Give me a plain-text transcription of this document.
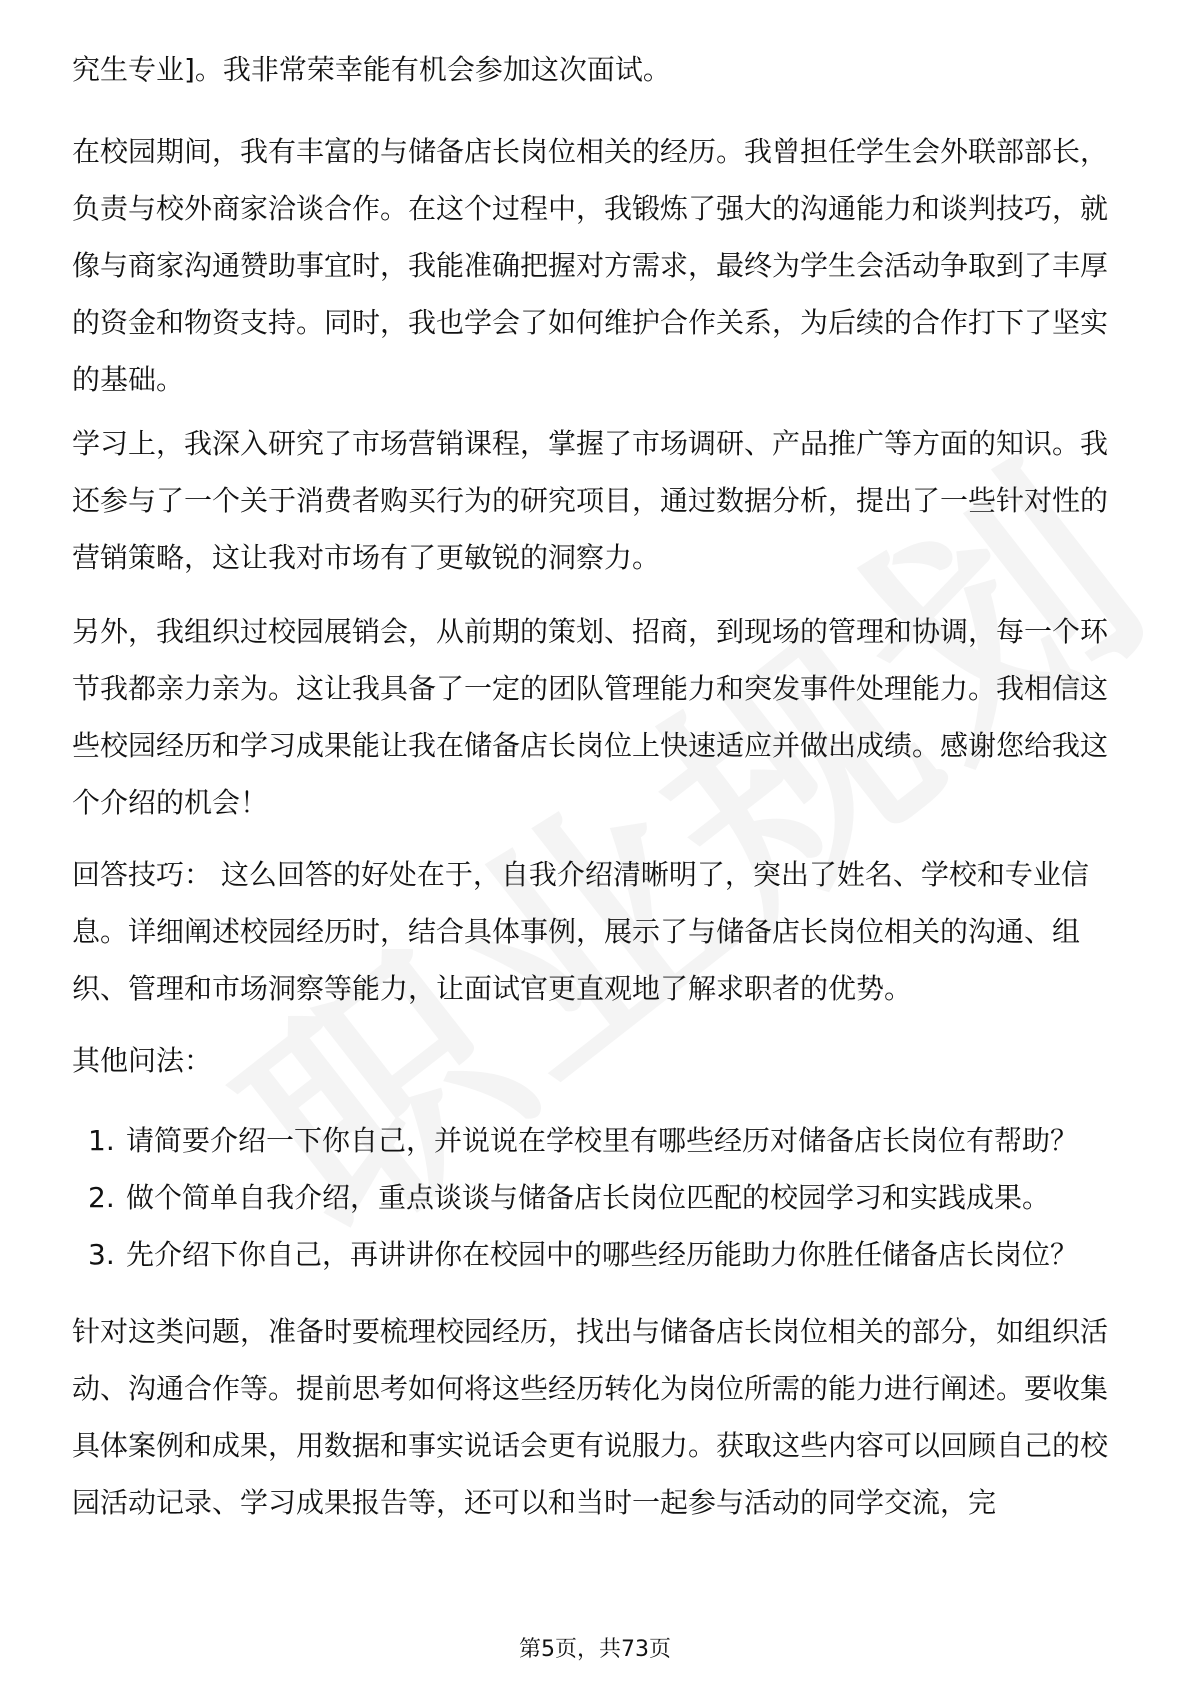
究生专业]。我非常荣幸能有机会参加这次面试。

在校园期间，我有丰富的与储备店长岗位相关的经历。我曾担任学生会外联部部长，负责与校外商家洽谈合作。在这个过程中，我锻炼了强大的沟通能力和谈判技巧，就像与商家沟通赞助事宜时，我能准确把握对方需求，最终为学生会活动争取到了丰厚的资金和物资支持。同时，我也学会了如何维护合作关系，为后续的合作打下了坚实的基础。

学习上，我深入研究了市场营销课程，掌握了市场调研、产品推广等方面的知识。我还参与了一个关于消费者购买行为的研究项目，通过数据分析，提出了一些针对性的营销策略，这让我对市场有了更敏锐的洞察力。

另外，我组织过校园展销会，从前期的策划、招商，到现场的管理和协调，每一个环节我都亲力亲为。这让我具备了一定的团队管理能力和突发事件处理能力。我相信这些校园经历和学习成果能让我在储备店长岗位上快速适应并做出成绩。感谢您给我这个介绍的机会！

回答技巧： 这么回答的好处在于，自我介绍清晰明了，突出了姓名、学校和专业信息。详细阐述校园经历时，结合具体事例，展示了与储备店长岗位相关的沟通、组织、管理和市场洞察等能力，让面试官更直观地了解求职者的优势。

其他问法：

1. 请简要介绍一下你自己，并说说在学校里有哪些经历对储备店长岗位有帮助？
2. 做个简单自我介绍，重点谈谈与储备店长岗位匹配的校园学习和实践成果。
3. 先介绍下你自己，再讲讲你在校园中的哪些经历能助力你胜任储备店长岗位？

针对这类问题，准备时要梳理校园经历，找出与储备店长岗位相关的部分，如组织活动、沟通合作等。提前思考如何将这些经历转化为岗位所需的能力进行阐述。要收集具体案例和成果，用数据和事实说话会更有说服力。获取这些内容可以回顾自己的校园活动记录、学习成果报告等，还可以和当时一起参与活动的同学交流，完

第5页，共73页
